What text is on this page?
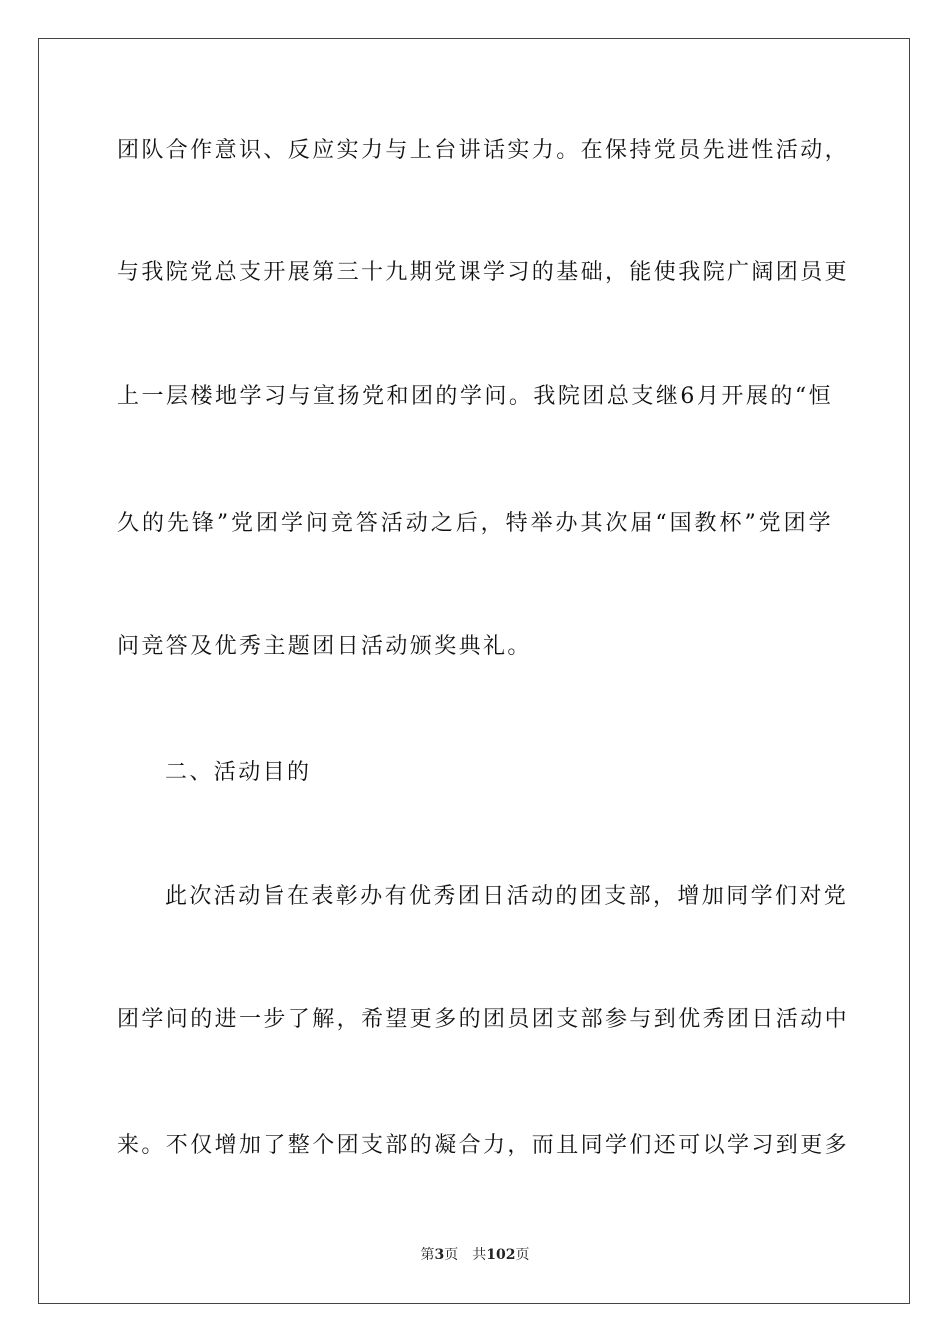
团队合作意识、反应实力与上台讲话实力。在保持党员先进性活动，
与我院党总支开展第三十九期党课学习的基础，能使我院广阔团员更
上一层楼地学习与宣扬党和团的学问。我院团总支继6月开展的“恒
久的先锋”党团学问竞答活动之后，特举办其次届“国教杯”党团学
问竞答及优秀主题团日活动颁奖典礼。
二、活动目的
此次活动旨在表彰办有优秀团日活动的团支部，增加同学们对党
团学问的进一步了解，希望更多的团员团支部参与到优秀团日活动中
来。不仅增加了整个团支部的凝合力，而且同学们还可以学习到更多
第3页 共102页
